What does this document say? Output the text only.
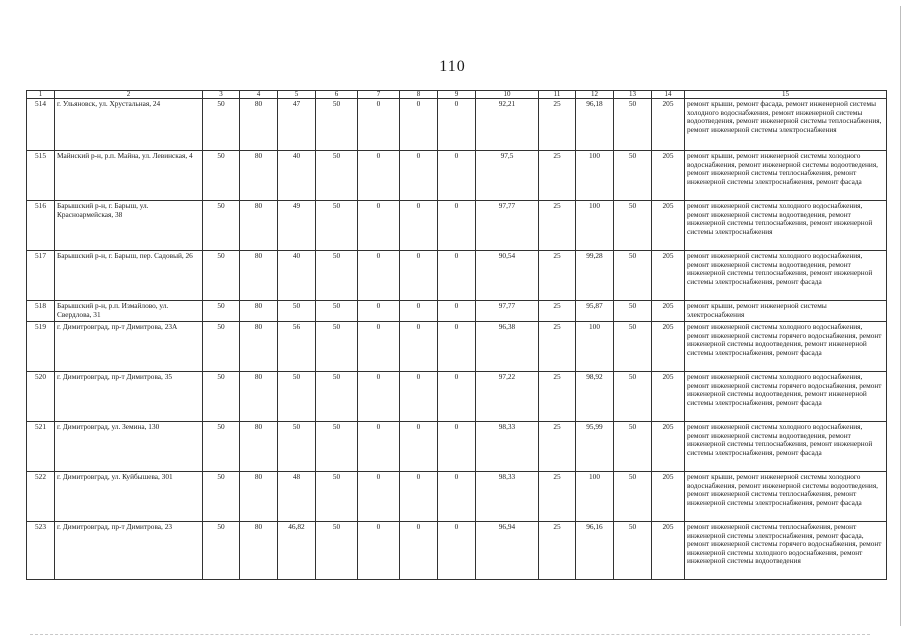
110
1	2	3	4	5	6	7	8	9	10	11	12	13	14	15
514	г. Ульяновск, ул. Хрустальная, 24	50	80	47	50	0	0	0	92,21	25	96,18	50	205	ремонт крыши, ремонт фасада, ремонт инженерной системы холодного водоснабжения, ремонт инженерной системы водоотведения, ремонт инженерной системы теплоснабжения, ремонт инженерной системы электроснабжения
515	Майнский р-н, р.п. Майна, ул. Левинская, 4	50	80	40	50	0	0	0	97,5	25	100	50	205	ремонт крыши, ремонт инженерной системы холодного водоснабжения, ремонт инженерной системы водоотведения, ремонт инженерной системы теплоснабжения, ремонт инженерной системы электроснабжения, ремонт фасада
516	Барышский р-н, г. Барыш, ул. Красноармейская, 38	50	80	49	50	0	0	0	97,77	25	100	50	205	ремонт инженерной системы холодного водоснабжения, ремонт инженерной системы водоотведения, ремонт инженерной системы теплоснабжения, ремонт инженерной системы электроснабжения
517	Барышский р-н, г. Барыш, пер. Садовый, 26	50	80	40	50	0	0	0	90,54	25	99,28	50	205	ремонт инженерной системы холодного водоснабжения, ремонт инженерной системы водоотведения, ремонт инженерной системы теплоснабжения, ремонт инженерной системы электроснабжения, ремонт фасада
518	Барышский р-н, р.п. Измайлово, ул. Свердлова, 31	50	80	50	50	0	0	0	97,77	25	95,87	50	205	ремонт крыши, ремонт инженерной системы электроснабжения
519	г. Димитровград, пр-т Димитрова, 23А	50	80	56	50	0	0	0	96,38	25	100	50	205	ремонт инженерной системы холодного водоснабжения, ремонт инженерной системы горячего водоснабжения, ремонт инженерной системы водоотведения, ремонт инженерной системы электроснабжения, ремонт фасада
520	г. Димитровград, пр-т Димитрова, 35	50	80	50	50	0	0	0	97,22	25	98,92	50	205	ремонт инженерной системы холодного водоснабжения, ремонт инженерной системы горячего водоснабжения, ремонт инженерной системы водоотведения, ремонт инженерной системы электроснабжения, ремонт фасада
521	г. Димитровград, ул. Земина, 130	50	80	50	50	0	0	0	98,33	25	95,99	50	205	ремонт инженерной системы холодного водоснабжения, ремонт инженерной системы водоотведения, ремонт инженерной системы теплоснабжения, ремонт инженерной системы электроснабжения, ремонт фасада
522	г. Димитровград, ул. Куйбышева, 301	50	80	48	50	0	0	0	98,33	25	100	50	205	ремонт крыши, ремонт инженерной системы холодного водоснабжения, ремонт инженерной системы водоотведения, ремонт инженерной системы теплоснабжения, ремонт инженерной системы электроснабжения, ремонт фасада
523	г. Димитровград, пр-т Димитрова, 23	50	80	46,82	50	0	0	0	96,94	25	96,16	50	205	ремонт инженерной системы теплоснабжения, ремонт инженерной системы электроснабжения, ремонт фасада, ремонт инженерной системы горячего водоснабжения, ремонт инженерной системы холодного водоснабжения, ремонт инженерной системы водоотведения
